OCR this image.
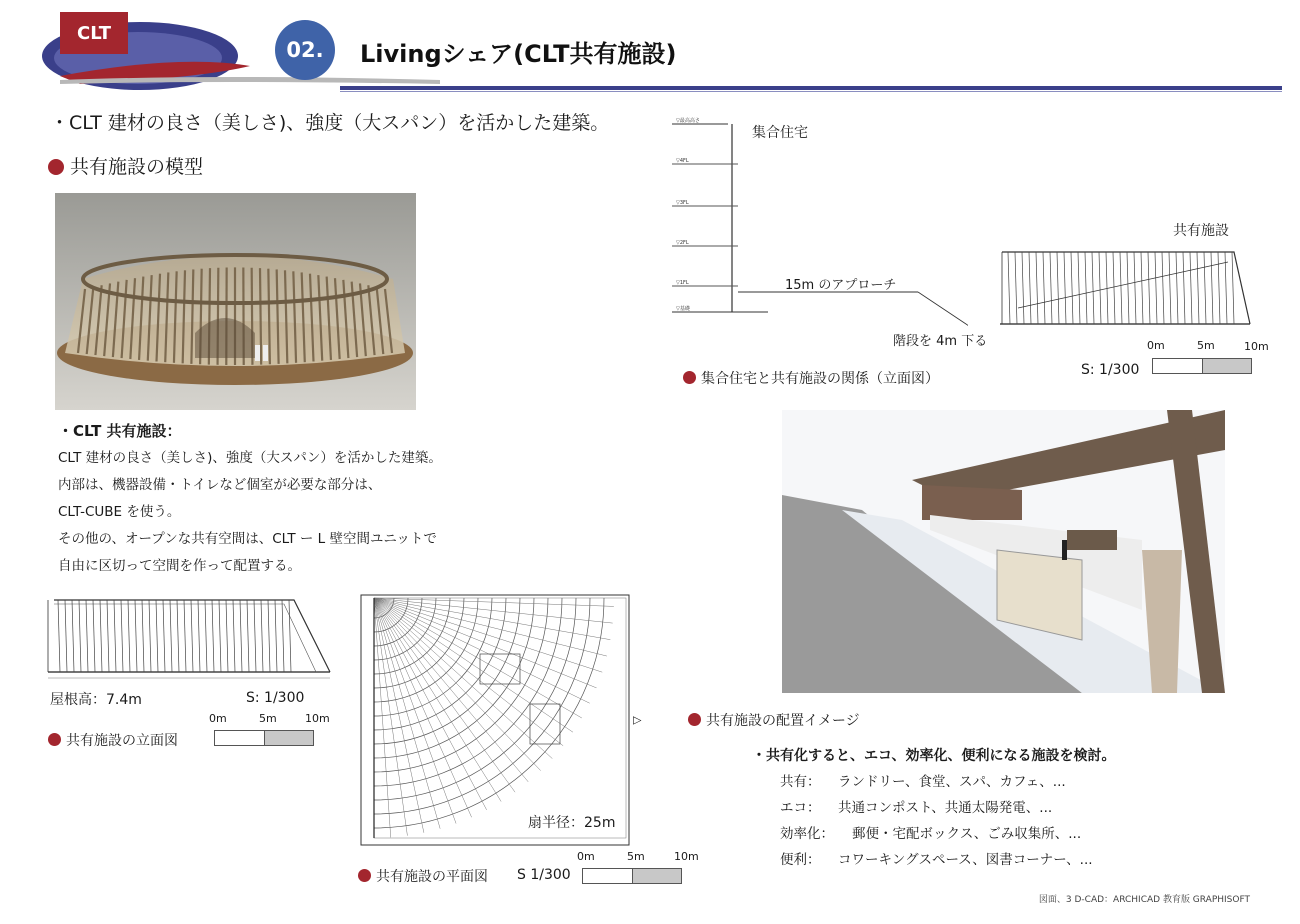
CLT
02.	Livingシェア(CLT共有施設)
・CLT 建材の良さ（美しさ)、強度（大スパン）を活かした建築。
共有施設の模型
・CLT 共有施設：
CLT 建材の良さ（美しさ)、強度（大スパン）を活かした建築。
内部は、機器設備・トイレなど個室が必要な部分は、
CLT-CUBE を使う。
その他の、オープンな共有空間は、CLT ー L 壁空間ユニットで
自由に区切って空間を作って配置する。
屋根高：7.4m	S: 1/300
0m	5m	10m
共有施設の立面図
△
扇半径：25m
共有施設の平面図 S 1/300
0m	5m	10m
▽最高高さ
▽4FL
▽3FL
▽2FL
▽1FL
▽基礎
集合住宅
15m のアプローチ
階段を 4m 下る
共有施設
0m	5m	10m
S: 1/300
集合住宅と共有施設の関係（立面図）
共有施設の配置イメージ
・共有化すると、エコ、効率化、便利になる施設を検討。
共有： ランドリー、食堂、スパ、カフェ、...
エコ： 共通コンポスト、共通太陽発電、...
効率化： 郵便・宅配ボックス、ごみ収集所、...
便利： コワーキングスペース、図書コーナー、...
図面、3 D-CAD：ARCHICAD 教育版 GRAPHISOFT
